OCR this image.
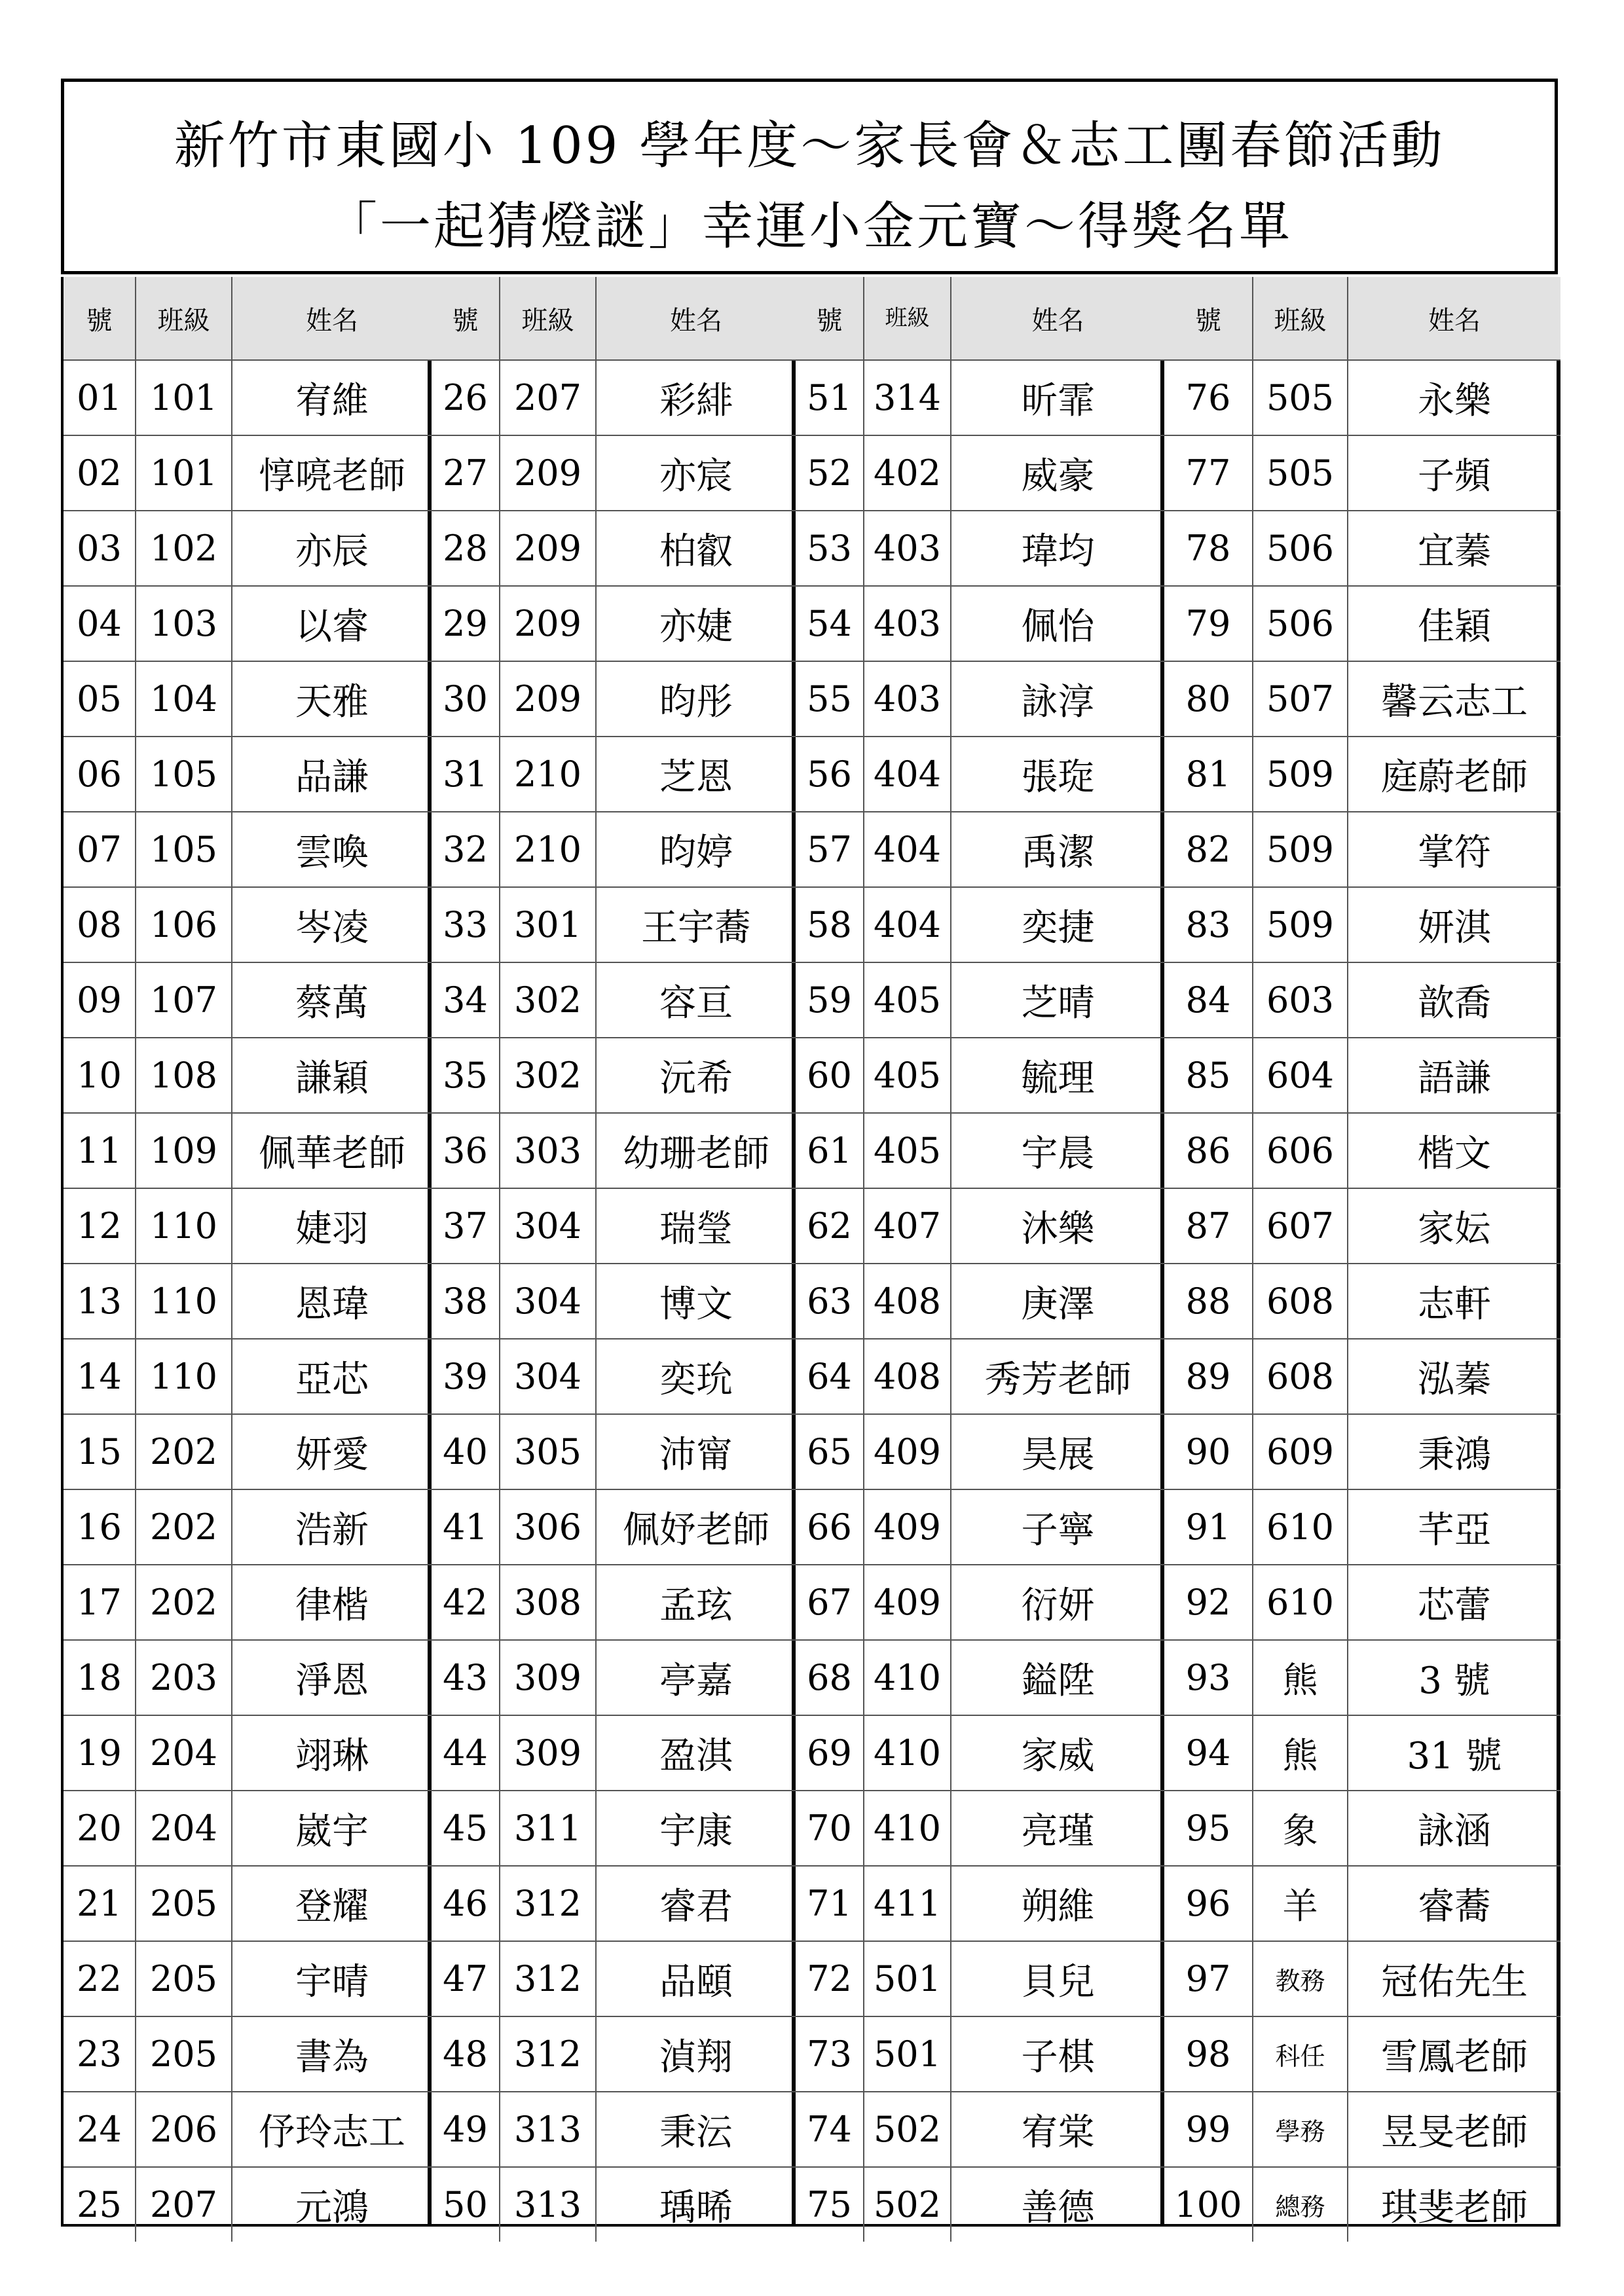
新竹市東國小 109 學年度～家長會＆志工團春節活動
「一起猜燈謎」幸運小金元寶～得獎名單
號	班級	姓名
01	101	宥維
02	101	惇喨老師
03	102	亦辰
04	103	以睿
05	104	天雅
06	105	品謙
07	105	雲喚
08	106	岑凌
09	107	蔡萬
10	108	謙穎
11	109	佩華老師
12	110	婕羽
13	110	恩瑋
14	110	亞芯
15	202	妍愛
16	202	浩新
17	202	律楷
18	203	淨恩
19	204	翊琳
20	204	崴宇
21	205	登耀
22	205	宇晴
23	205	書為
24	206	伃玲志工
25	207	元鴻
號	班級	姓名
26	207	彩緋
27	209	亦宸
28	209	柏叡
29	209	亦婕
30	209	昀彤
31	210	芝恩
32	210	昀婷
33	301	王宇蕎
34	302	容亘
35	302	沅希
36	303	幼珊老師
37	304	瑞瑩
38	304	博文
39	304	奕玧
40	305	沛甯
41	306	佩妤老師
42	308	孟玹
43	309	亭嘉
44	309	盈淇
45	311	宇康
46	312	睿君
47	312	品頤
48	312	湞翔
49	313	秉沄
50	313	瑀晞
號	班級	姓名
51	314	昕霏
52	402	威豪
53	403	瑋均
54	403	佩怡
55	403	詠淳
56	404	張琁
57	404	禹潔
58	404	奕捷
59	405	芝晴
60	405	毓理
61	405	宇晨
62	407	沐樂
63	408	庚澤
64	408	秀芳老師
65	409	昊展
66	409	子寧
67	409	衍妍
68	410	鎰陞
69	410	家威
70	410	亮瑾
71	411	朔維
72	501	貝兒
73	501	子棋
74	502	宥棠
75	502	善德
號	班級	姓名
76	505	永樂
77	505	子頻
78	506	宜蓁
79	506	佳穎
80	507	馨云志工
81	509	庭蔚老師
82	509	掌符
83	509	妍淇
84	603	歆喬
85	604	語謙
86	606	楷文
87	607	家妘
88	608	志軒
89	608	泓蓁
90	609	秉鴻
91	610	芊亞
92	610	芯蕾
93	熊	3 號
94	熊	31 號
95	象	詠涵
96	羊	睿蕎
97	教務	冠佑先生
98	科任	雪鳳老師
99	學務	昱旻老師
100	總務	琪斐老師
